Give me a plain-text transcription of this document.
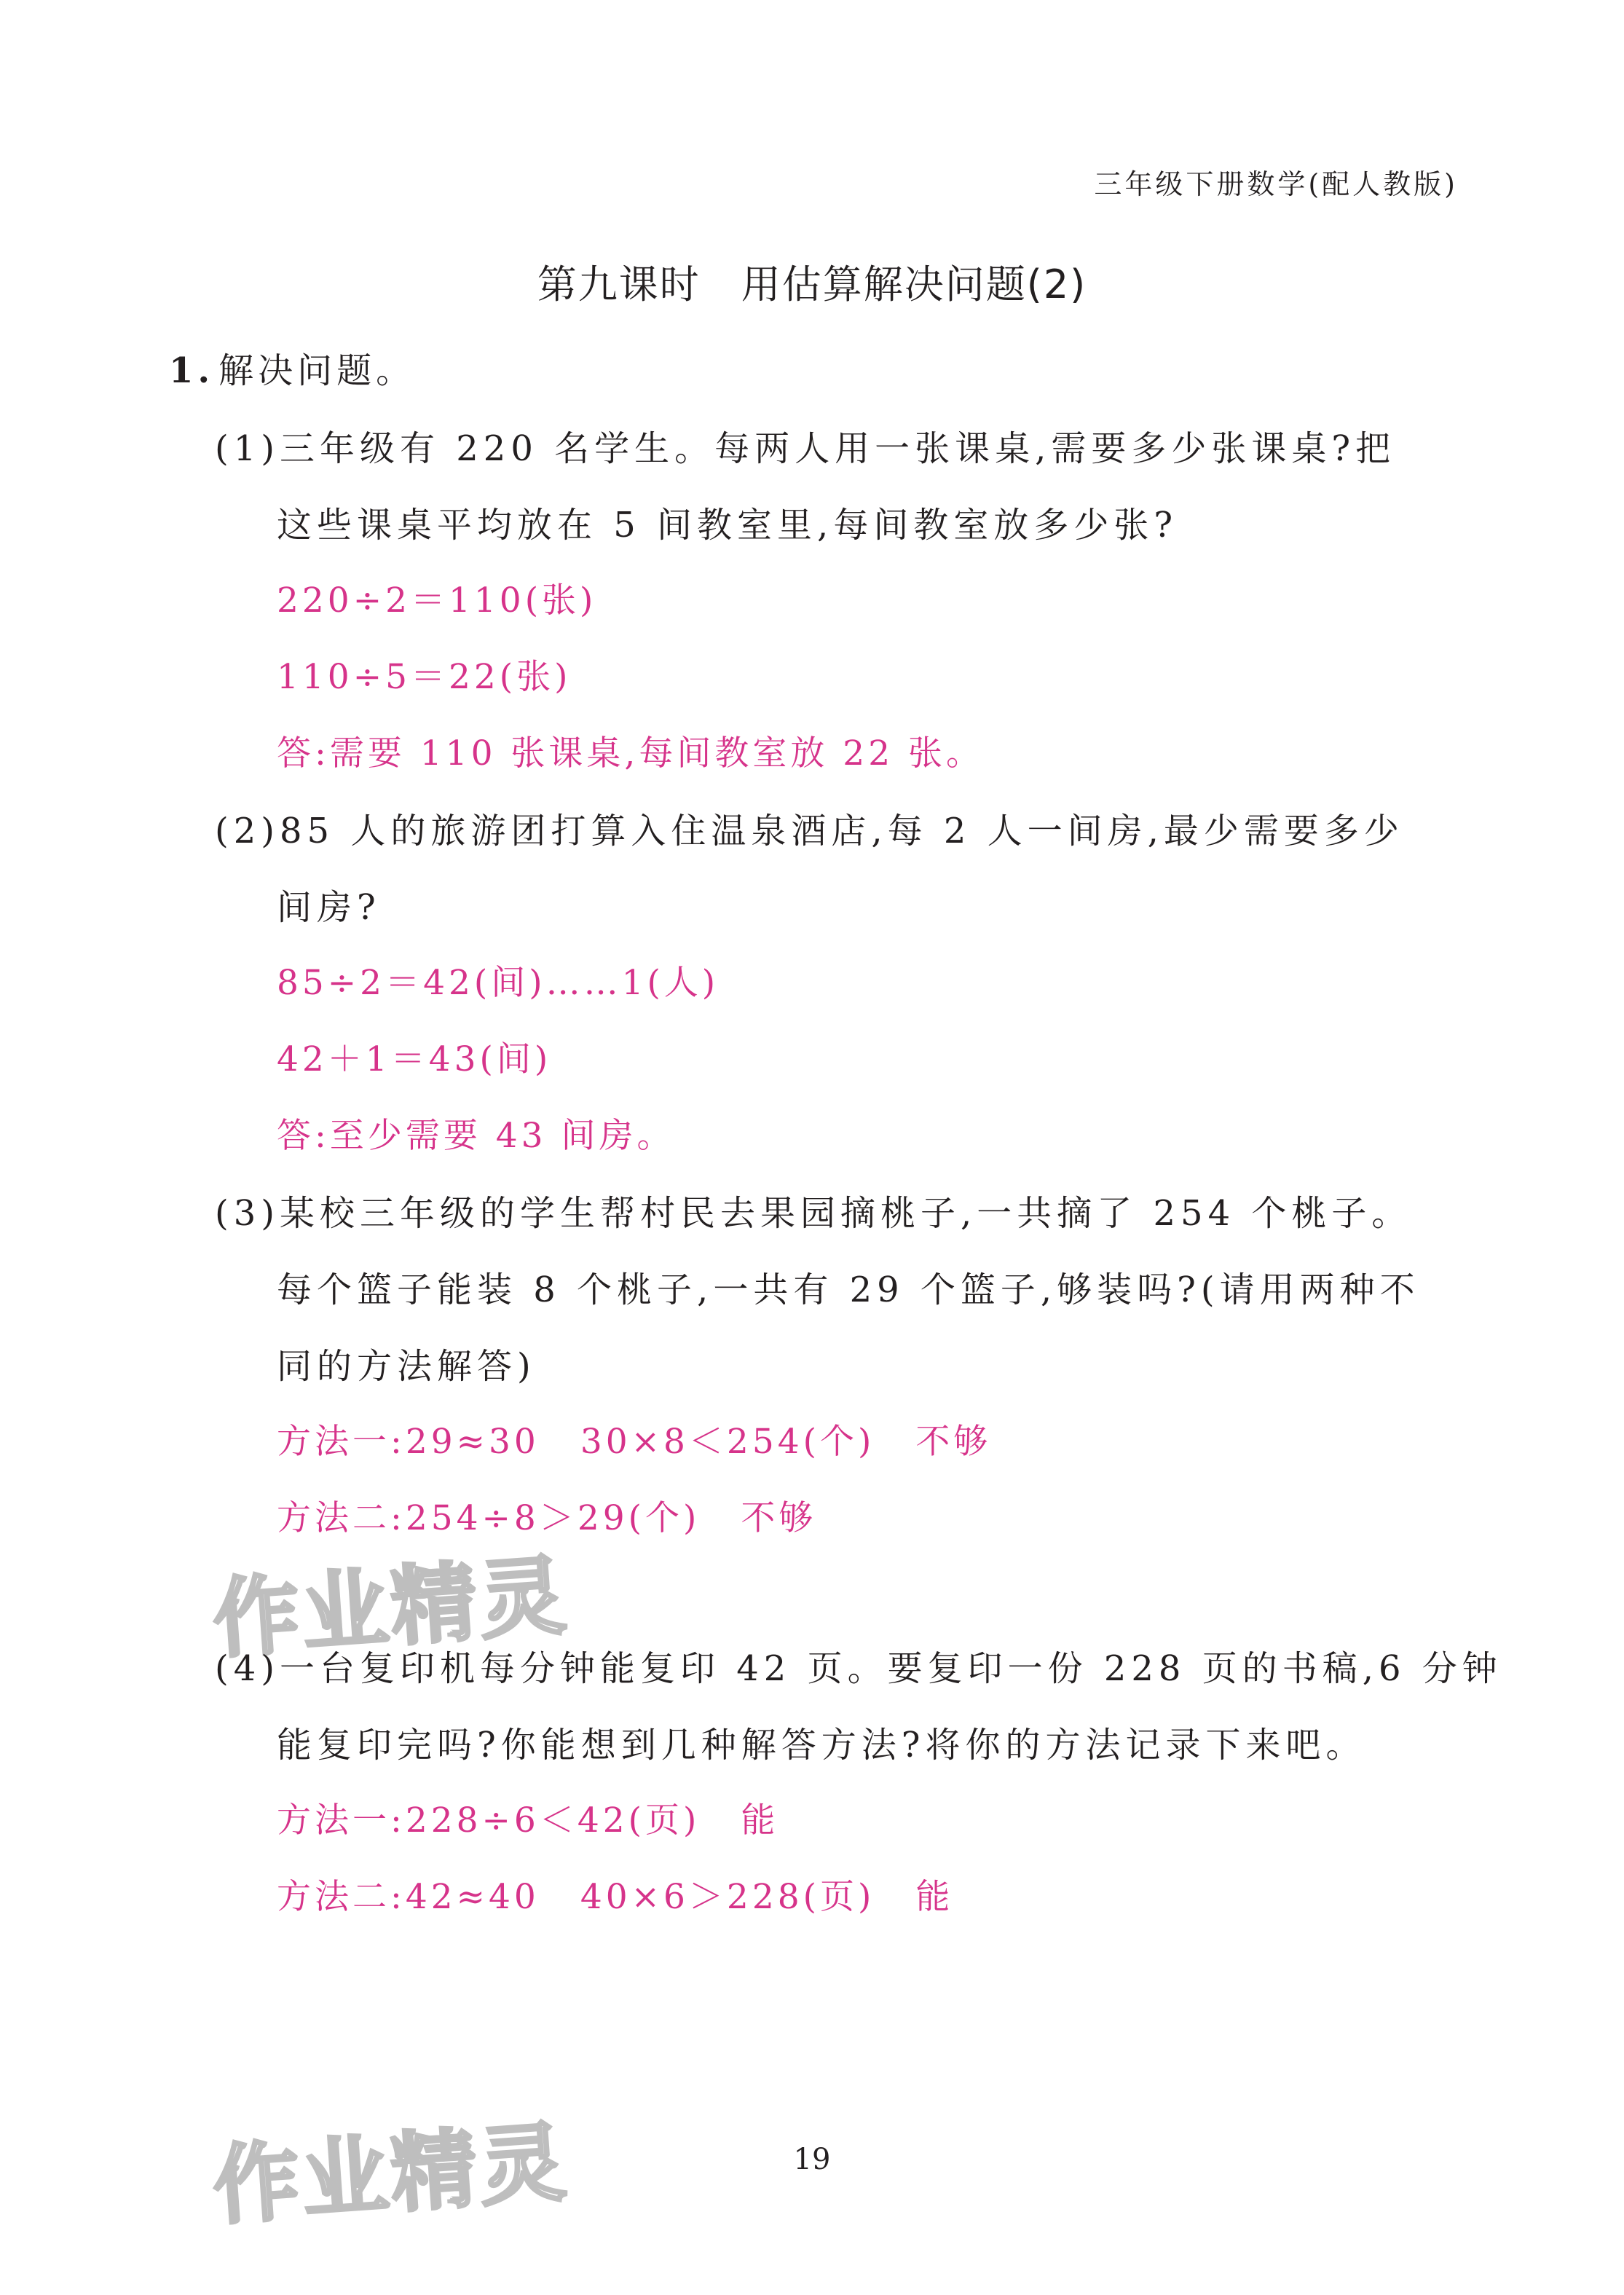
三年级下册数学(配人教版)
第九课时　用估算解决问题(2)
1. 解决问题。
(1)三年级有 220 名学生。每两人用一张课桌,需要多少张课桌?把
这些课桌平均放在 5 间教室里,每间教室放多少张?
220÷2＝110(张)
110÷5＝22(张)
答:需要 110 张课桌,每间教室放 22 张。
(2)85 人的旅游团打算入住温泉酒店,每 2 人一间房,最少需要多少
间房?
85÷2＝42(间)……1(人)
42＋1＝43(间)
答:至少需要 43 间房。
(3)某校三年级的学生帮村民去果园摘桃子,一共摘了 254 个桃子。
每个篮子能装 8 个桃子,一共有 29 个篮子,够装吗?(请用两种不
同的方法解答)
方法一:29≈30 30×8＜254(个) 不够
方法二:254÷8＞29(个) 不够
作业精灵
(4)一台复印机每分钟能复印 42 页。要复印一份 228 页的书稿,6 分钟
能复印完吗?你能想到几种解答方法?将你的方法记录下来吧。
方法一:228÷6＜42(页) 能
方法二:42≈40 40×6＞228(页) 能
作业精灵	19
